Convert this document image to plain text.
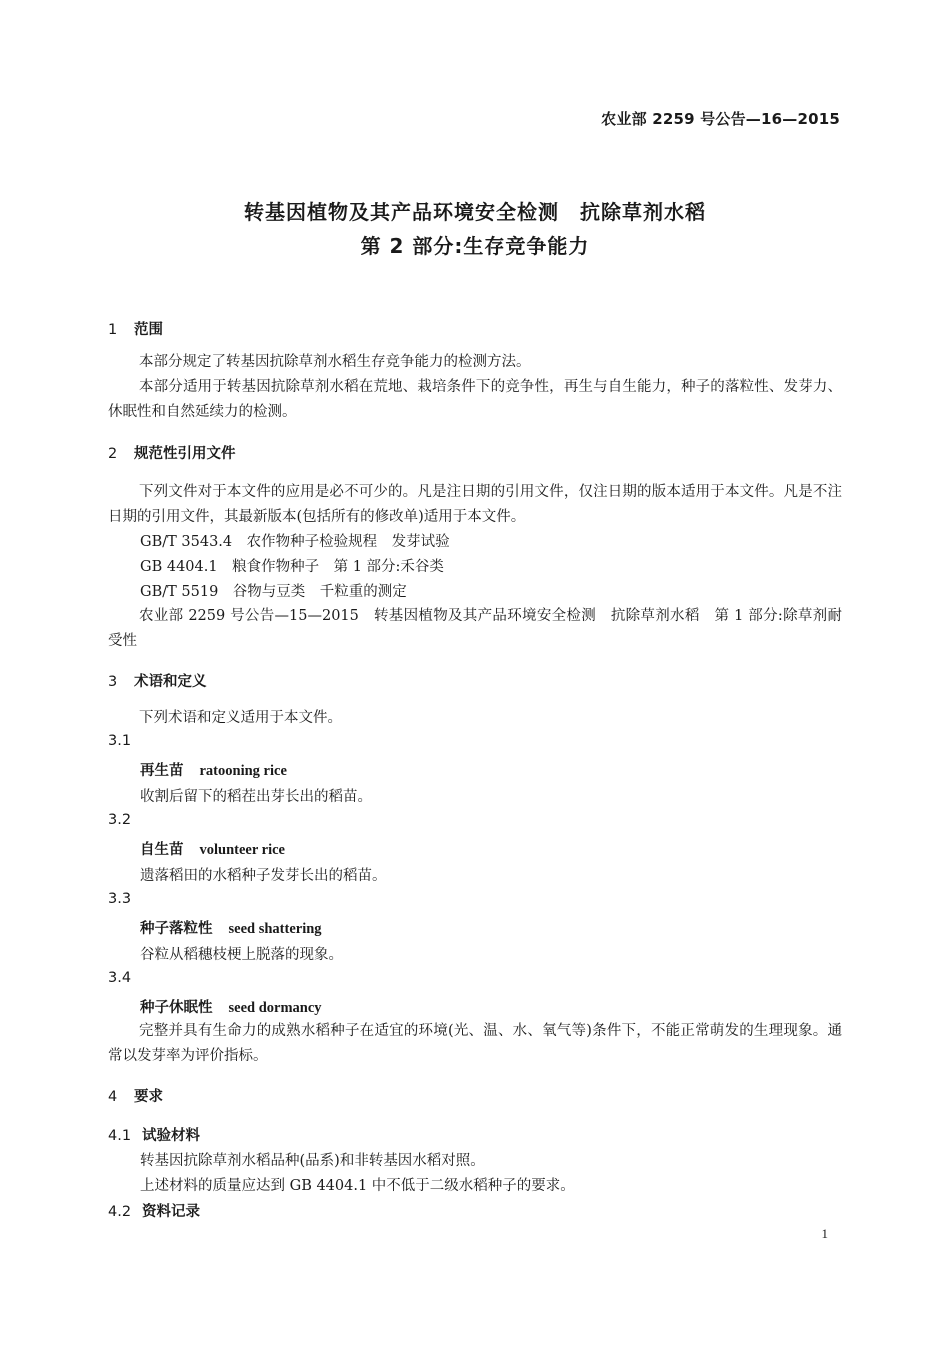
农业部 2259 号公告—16—2015
转基因植物及其产品环境安全检测　抗除草剂水稻
第 2 部分:生存竞争能力
1 范围
本部分规定了转基因抗除草剂水稻生存竞争能力的检测方法。
本部分适用于转基因抗除草剂水稻在荒地、栽培条件下的竞争性，再生与自生能力，种子的落粒性、发芽力、休眠性和自然延续力的检测。
2 规范性引用文件
下列文件对于本文件的应用是必不可少的。凡是注日期的引用文件，仅注日期的版本适用于本文件。凡是不注日期的引用文件，其最新版本(包括所有的修改单)适用于本文件。
GB/T 3543.4　农作物种子检验规程　发芽试验
GB 4404.1　粮食作物种子　第 1 部分:禾谷类
GB/T 5519　谷物与豆类　千粒重的测定
农业部 2259 号公告—15—2015　转基因植物及其产品环境安全检测　抗除草剂水稻　第 1 部分:除草剂耐受性
3 术语和定义
下列术语和定义适用于本文件。
3.1
再生苗 ratooning rice
收割后留下的稻茬出芽长出的稻苗。
3.2
自生苗 volunteer rice
遗落稻田的水稻种子发芽长出的稻苗。
3.3
种子落粒性 seed shattering
谷粒从稻穗枝梗上脱落的现象。
3.4
种子休眠性 seed dormancy
完整并具有生命力的成熟水稻种子在适宜的环境(光、温、水、氧气等)条件下，不能正常萌发的生理现象。通常以发芽率为评价指标。
4 要求
4.1 试验材料
转基因抗除草剂水稻品种(品系)和非转基因水稻对照。
上述材料的质量应达到 GB 4404.1 中不低于二级水稻种子的要求。
4.2 资料记录
1
